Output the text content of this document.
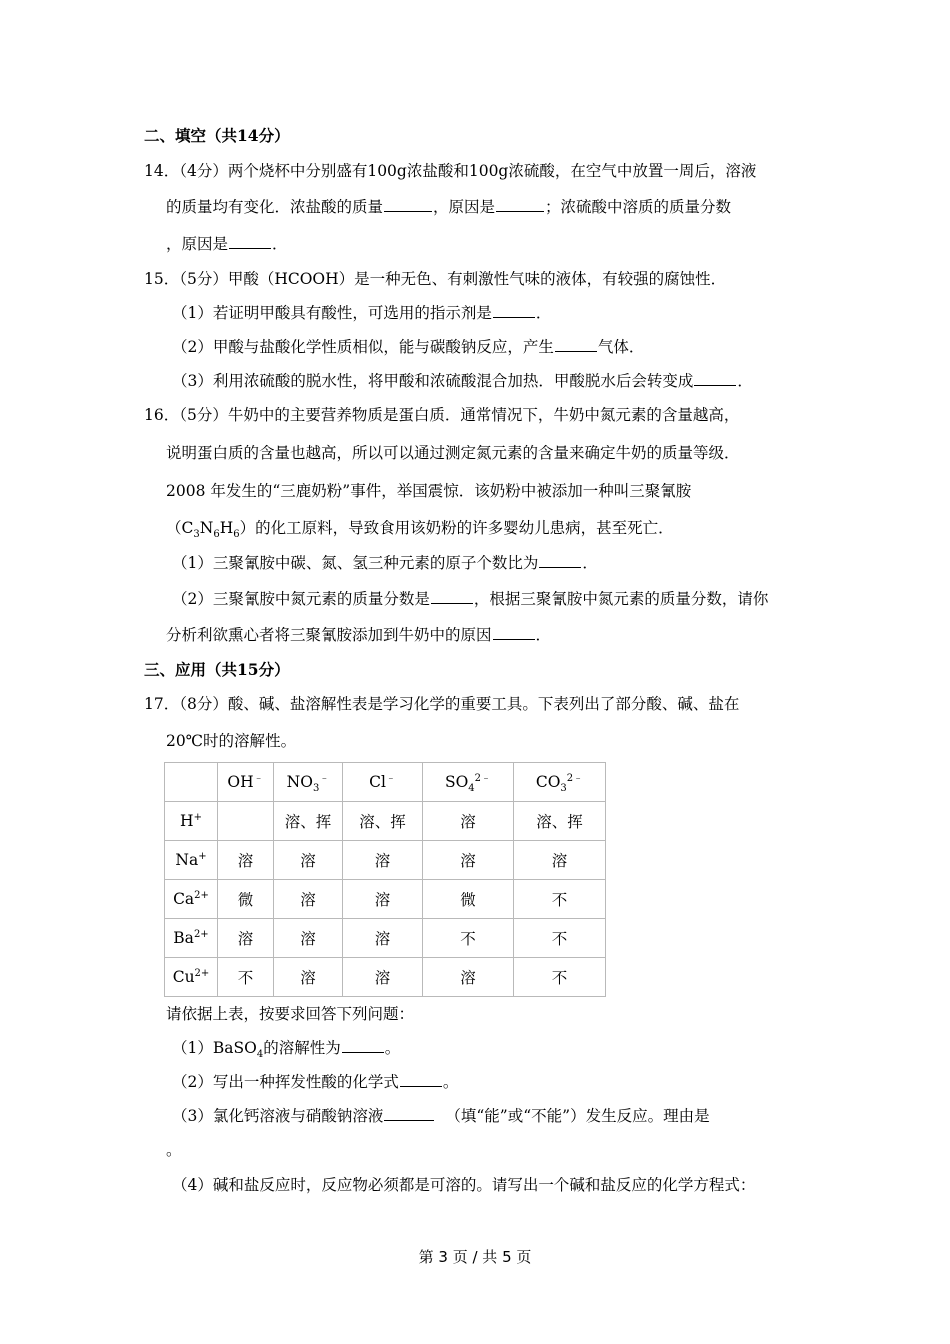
二、填空（共14分）
14．（4分）两个烧杯中分别盛有100g浓盐酸和100g浓硫酸，在空气中放置一周后，溶液
的质量均有变化．浓盐酸的质量	，原因是	；浓硫酸中溶质的质量分数
，原因是	．
15．（5分）甲酸（HCOOH）是一种无色、有刺激性气味的液体，有较强的腐蚀性．
（1）若证明甲酸具有酸性，可选用的指示剂是	．
（2）甲酸与盐酸化学性质相似，能与碳酸钠反应，产生	气体．
（3）利用浓硫酸的脱水性，将甲酸和浓硫酸混合加热．甲酸脱水后会转变成	．
16．（5分）牛奶中的主要营养物质是蛋白质．通常情况下，牛奶中氮元素的含量越高，
说明蛋白质的含量也越高，所以可以通过测定氮元素的含量来确定牛奶的质量等级．
2008 年发生的“三鹿奶粉”事件，举国震惊．该奶粉中被添加一种叫三聚氰胺
$(C_3N_6H_6)$的化工原料，导致食用该奶粉的许多婴幼儿患病，甚至死亡．
（1）三聚氰胺中碳、氮、氢三种元素的原子个数比为	．
（2）三聚氰胺中氮元素的质量分数是	，根据三聚氰胺中氮元素的质量分数，请你
分析利欲熏心者将三聚氰胺添加到牛奶中的原因	．
三、应用（共15分）
17．（8分）酸、碱、盐溶解性表是学习化学的重要工具。下表列出了部分酸、碱、盐在
20℃时的溶解性。
	OH﹣	$NO_3^﹣$	Cl﹣	$SO_4^{2﹣}$	$CO_3^{2﹣}$
H+		溶、挥	溶、挥	溶	溶、挥
Na+	溶	溶	溶	溶	溶
$Ca^{2+}$	微	溶	溶	微	不
$Ba^{2+}$	溶	溶	溶	不	不
$Cu^{2+}$	不	溶	溶	溶	不
请依据上表，按要求回答下列问题：
（1）BaSO$_4$的溶解性为	。
（2）写出一种挥发性酸的化学式	。
（3）氯化钙溶液与硝酸钠溶液	（填“能”或“不能”）发生反应。理由是
。
（4）碱和盐反应时，反应物必须都是可溶的。请写出一个碱和盐反应的化学方程式：
第 3 页 / 共 5 页
